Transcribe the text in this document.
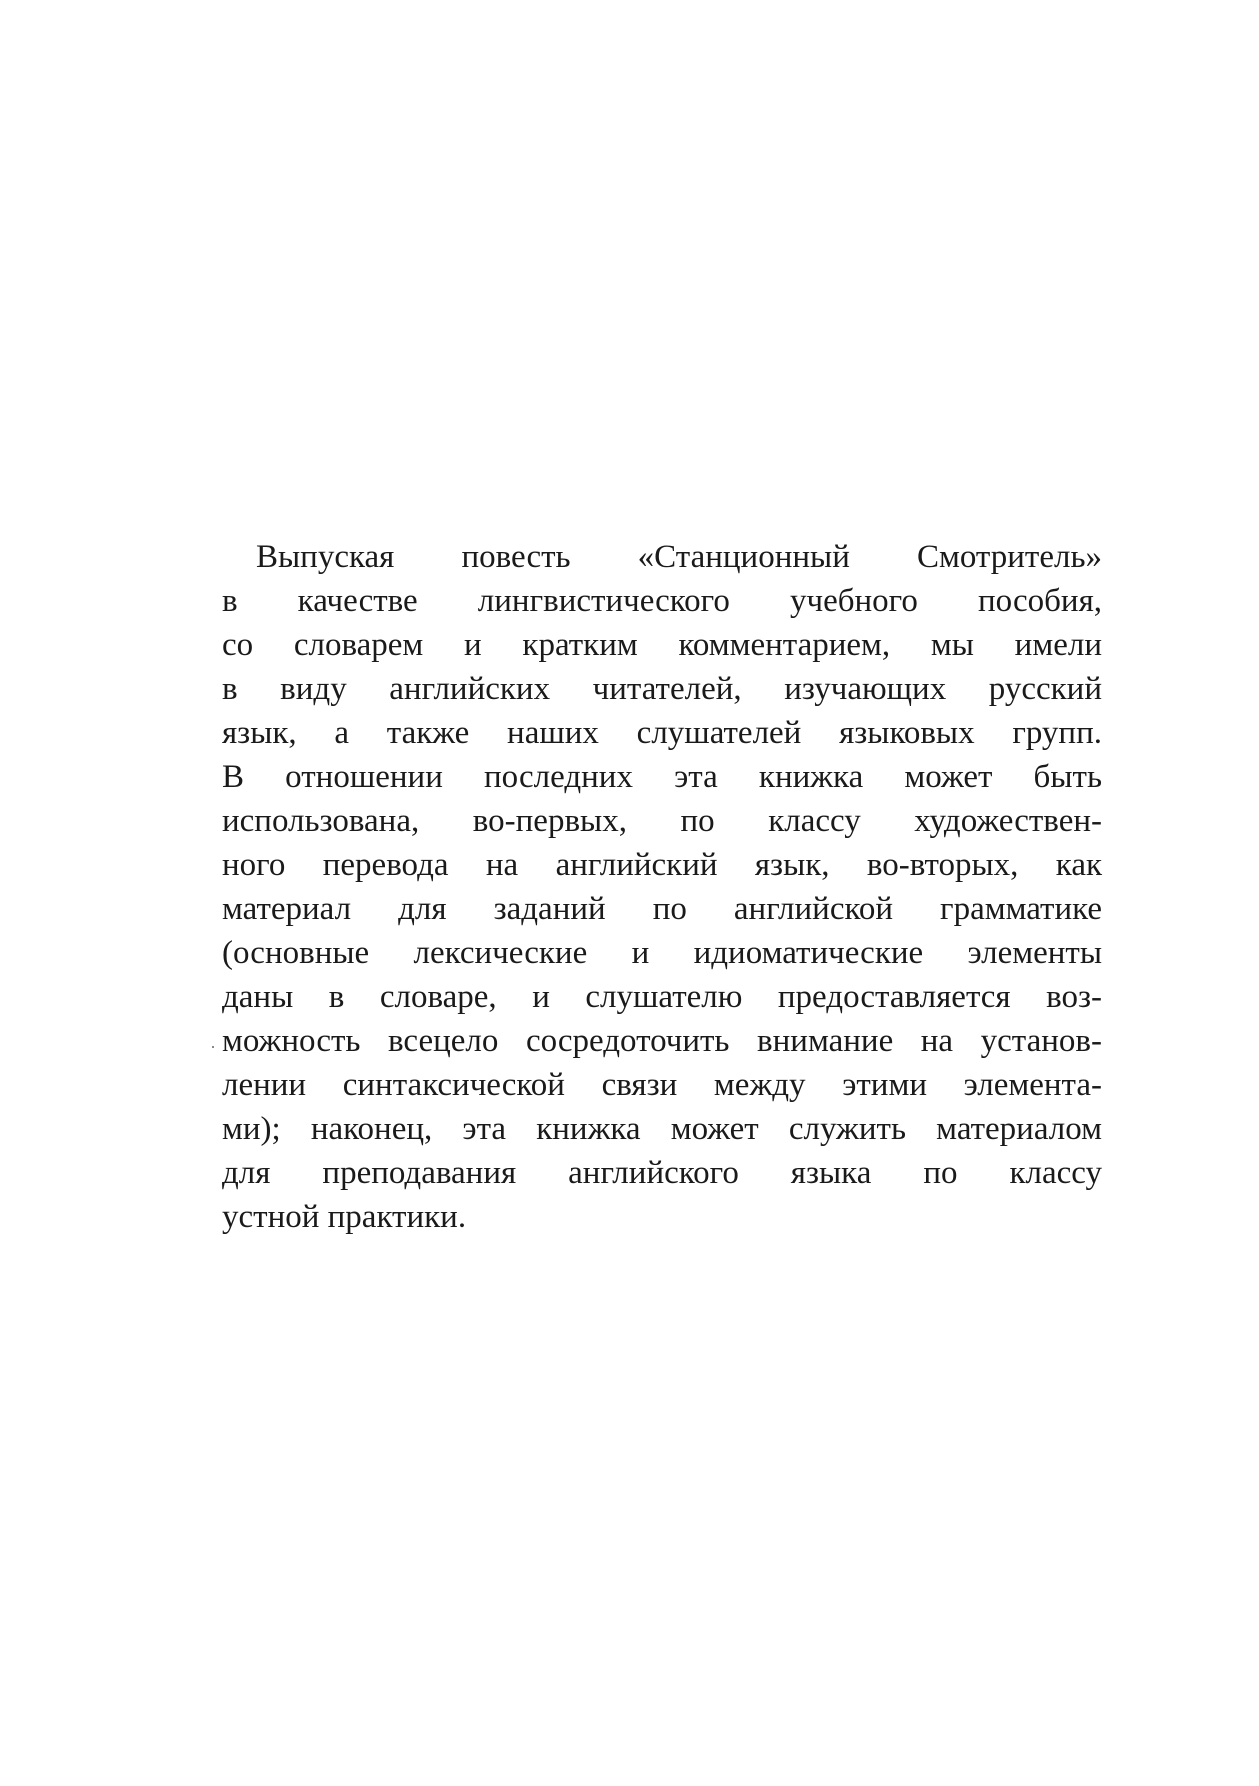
Выпуская повесть «Станционный Смотритель»
в качестве лингвистического учебного пособия,
со словарем и кратким комментарием, мы имели
в виду английских читателей, изучающих русский
язык, а также наших слушателей языковых групп.
В отношении последних эта книжка может быть
использована, во-первых, по классу художествен-
ного перевода на английский язык, во-вторых, как
материал для заданий по английской грамматике
(основные лексические и идиоматические элементы
даны в словаре, и слушателю предоставляется воз-
можность всецело сосредоточить внимание на установ-
лении синтаксической связи между этими элемента-
ми); наконец, эта книжка может служить материалом
для преподавания английского языка по классу
устной практики.
